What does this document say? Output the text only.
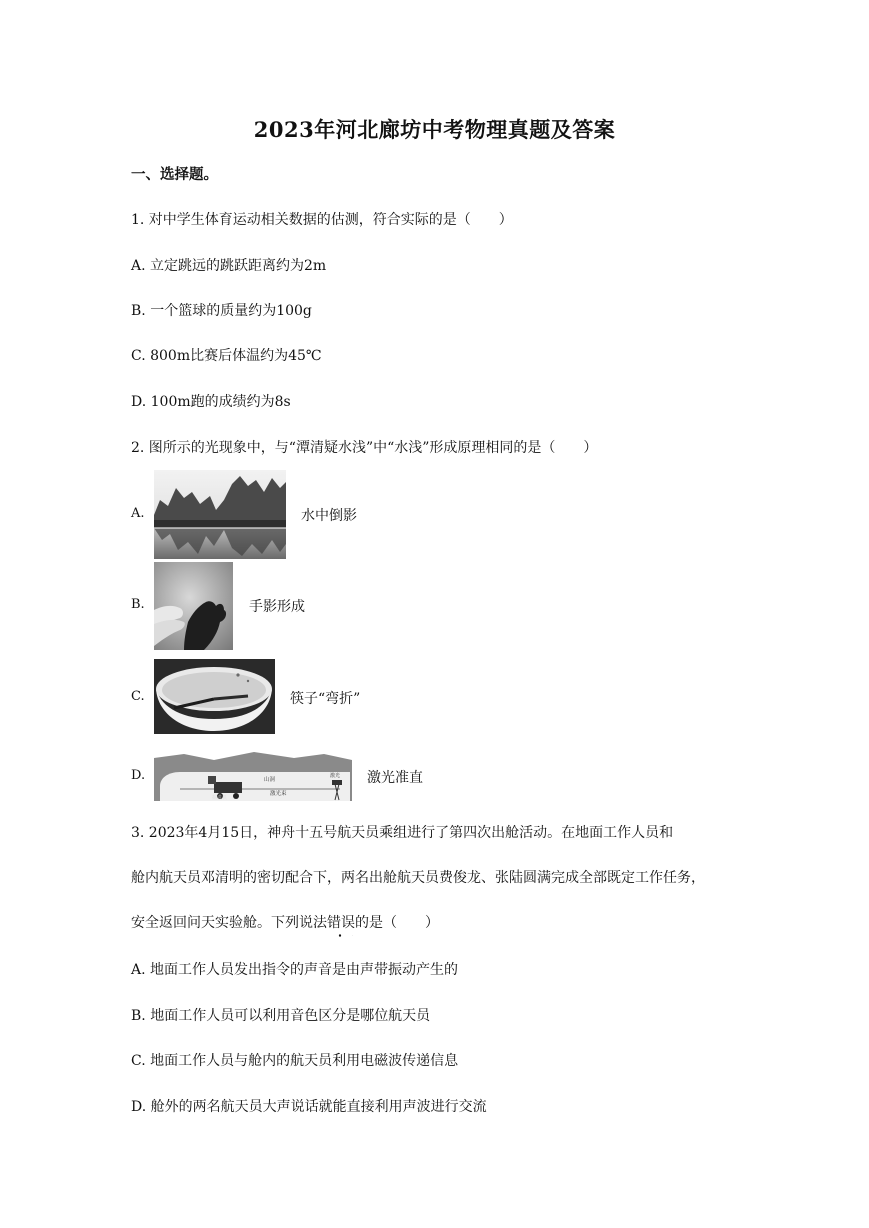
2023年河北廊坊中考物理真题及答案
一、选择题。
1. 对中学生体育运动相关数据的估测，符合实际的是（　　）
A. 立定跳远的跳跃距离约为2m
B. 一个篮球的质量约为100g
C. 800m比赛后体温约为45℃
D. 100m跑的成绩约为8s
2. 图所示的光现象中，与“潭清疑水浅”中“水浅”形成原理相同的是（　　）
A.	水中倒影
B.	手影形成
C.	筷子“弯折”
D.	山洞
激光束
掘进机
激光 激光准直
3. 2023年4月15日，神舟十五号航天员乘组进行了第四次出舱活动。在地面工作人员和
舱内航天员邓清明的密切配合下，两名出舱航天员费俊龙、张陆圆满完成全部既定工作任务，
安全返回问天实验舱。下列说法错误的是（　　）
A. 地面工作人员发出指令的声音是由声带振动产生的
B. 地面工作人员可以利用音色区分是哪位航天员
C. 地面工作人员与舱内的航天员利用电磁波传递信息
D. 舱外的两名航天员大声说话就能直接利用声波进行交流
